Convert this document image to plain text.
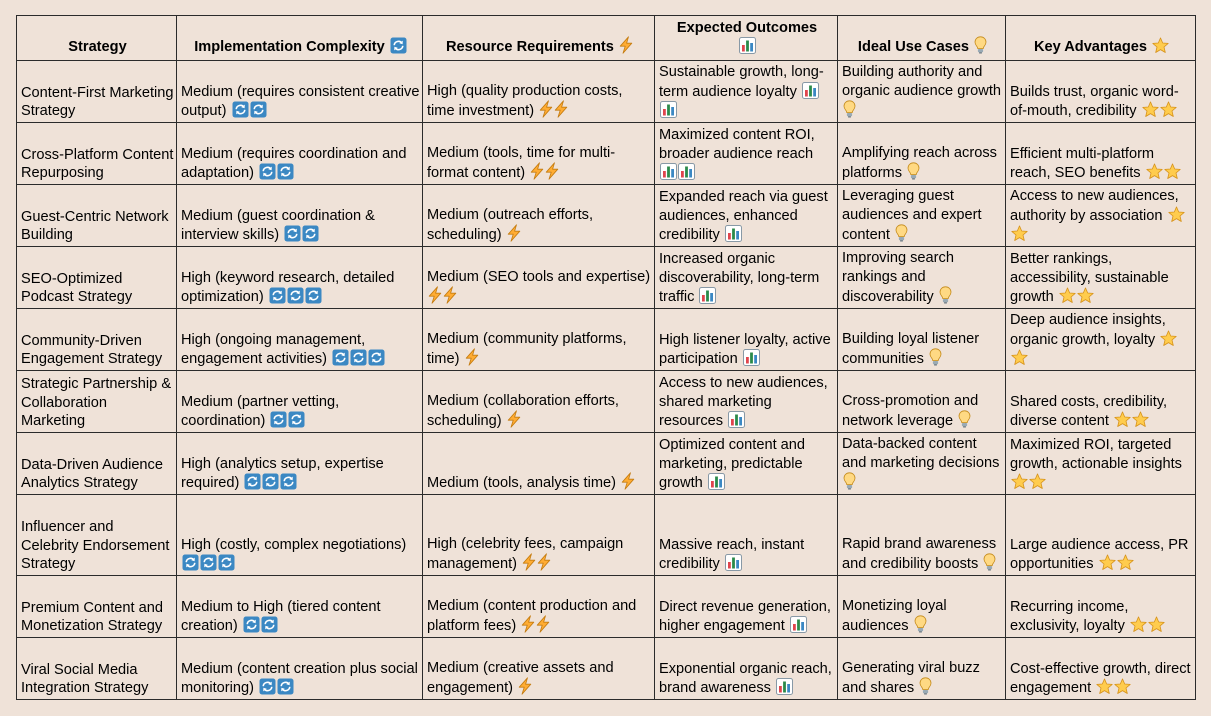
Strategy	Implementation Complexity	Resource Requirements	Expected Outcomes	Ideal Use Cases	Key Advantages

Content-First Marketing Strategy	Medium (requires consistent creative output)	High (quality production costs, time investment)	Sustainable growth, long-term audience loyalty	Building authority and organic audience growth	Builds trust, organic word-of-mouth, credibility

Cross-Platform Content Repurposing	Medium (requires coordination and adaptation)	Medium (tools, time for multi-format content)	Maximized content ROI, broader audience reach	Amplifying reach across platforms	Efficient multi-platform reach, SEO benefits

Guest-Centric Network Building	Medium (guest coordination & interview skills)	Medium (outreach efforts, scheduling)	Expanded reach via guest audiences, enhanced credibility	Leveraging guest audiences and expert content	Access to new audiences, authority by association

SEO-Optimized Podcast Strategy	High (keyword research, detailed optimization)	Medium (SEO tools and expertise)	Increased organic discoverability, long-term traffic	Improving search rankings and discoverability	Better rankings, accessibility, sustainable growth

Community-Driven Engagement Strategy	High (ongoing management, engagement activities)	Medium (community platforms, time)	High listener loyalty, active participation	Building loyal listener communities	Deep audience insights, organic growth, loyalty

Strategic Partnership & Collaboration Marketing	Medium (partner vetting, coordination)	Medium (collaboration efforts, scheduling)	Access to new audiences, shared marketing resources	Cross-promotion and network leverage	Shared costs, credibility, diverse content

Data-Driven Audience Analytics Strategy	High (analytics setup, expertise required)	Medium (tools, analysis time)	Optimized content and marketing, predictable growth	Data-backed content and marketing decisions	Maximized ROI, targeted growth, actionable insights

Influencer and Celebrity Endorsement Strategy	High (costly, complex negotiations)	High (celebrity fees, campaign management)	Massive reach, instant credibility	Rapid brand awareness and credibility boosts	Large audience access, PR opportunities

Premium Content and Monetization Strategy	Medium to High (tiered content creation)	Medium (content production and platform fees)	Direct revenue generation, higher engagement	Monetizing loyal audiences	Recurring income, exclusivity, loyalty

Viral Social Media Integration Strategy	Medium (content creation plus social monitoring)	Medium (creative assets and engagement)	Exponential organic reach, brand awareness	Generating viral buzz and shares	Cost-effective growth, direct engagement
